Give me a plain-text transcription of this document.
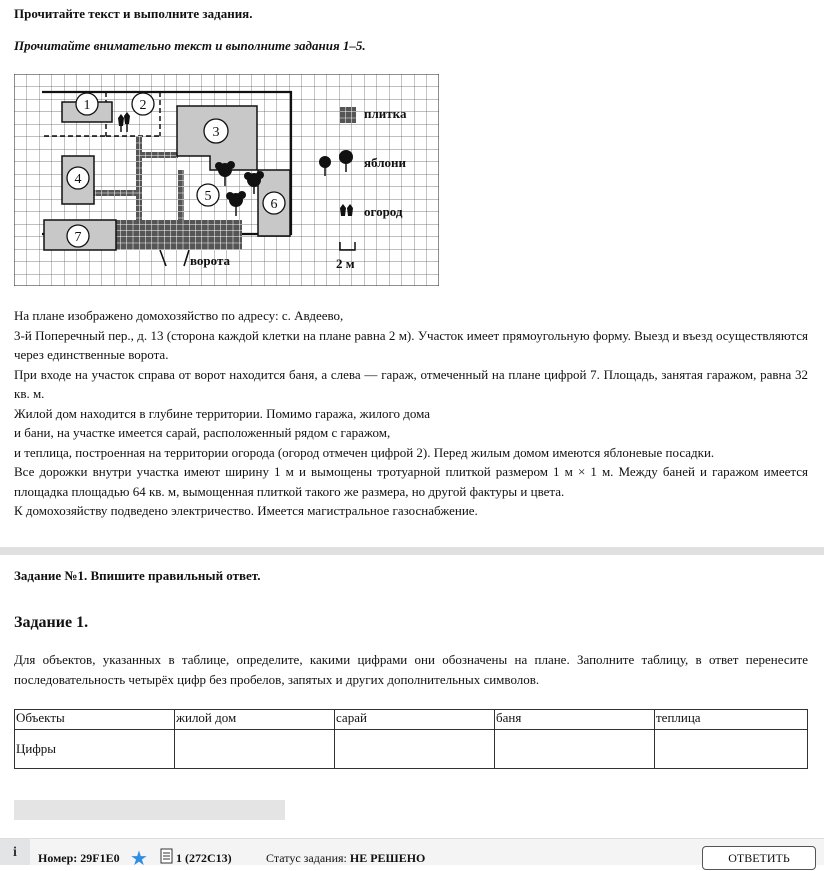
Прочитайте текст и выполните задания.
Прочитайте внимательно текст и выполните задания 1–5.
1	2
3
4
5
6
7
ворота
плитка
яблони
огород
2 м

На плане изображено домохозяйство по адресу: с. Авдеево,

3-й Поперечный пер., д. 13 (сторона каждой клетки на плане равна 2 м). Участок имеет прямоугольную форму. Выезд и въезд осуществляются через единственные ворота.

При входе на участок справа от ворот находится баня, а слева — гараж, отмеченный на плане цифрой 7. Площадь, занятая гаражом, равна 32 кв. м.

Жилой дом находится в глубине территории. Помимо гаража, жилого дома

и бани, на участке имеется сарай, расположенный рядом с гаражом,

и теплица, построенная на территории огорода (огород отмечен цифрой 2). Перед жилым домом имеются яблоневые посадки.

Все дорожки внутри участка имеют ширину 1 м и вымощены тротуарной плиткой размером 1 м × 1 м. Между баней и гаражом имеется площадка площадью 64 кв. м, вымощенная плиткой такого же размера, но другой фактуры и цвета.

К домохозяйству подведено электричество. Имеется магистральное газоснабжение.

Задание №1. Впишите правильный ответ.
Задание 1.
Для объектов, указанных в таблице, определите, какими цифрами они обозначены на плане. Заполните таблицу, в ответ перенесите последовательность четырёх цифр без пробелов, запятых и других дополнительных символов.
Объекты	жилой дом	сарай	баня	теплица
Цифры				
i	Номер: 29F1E0 ★ 1 (272C13)	Статус задания: НЕ РЕШЕНО	ОТВЕТИТЬ
